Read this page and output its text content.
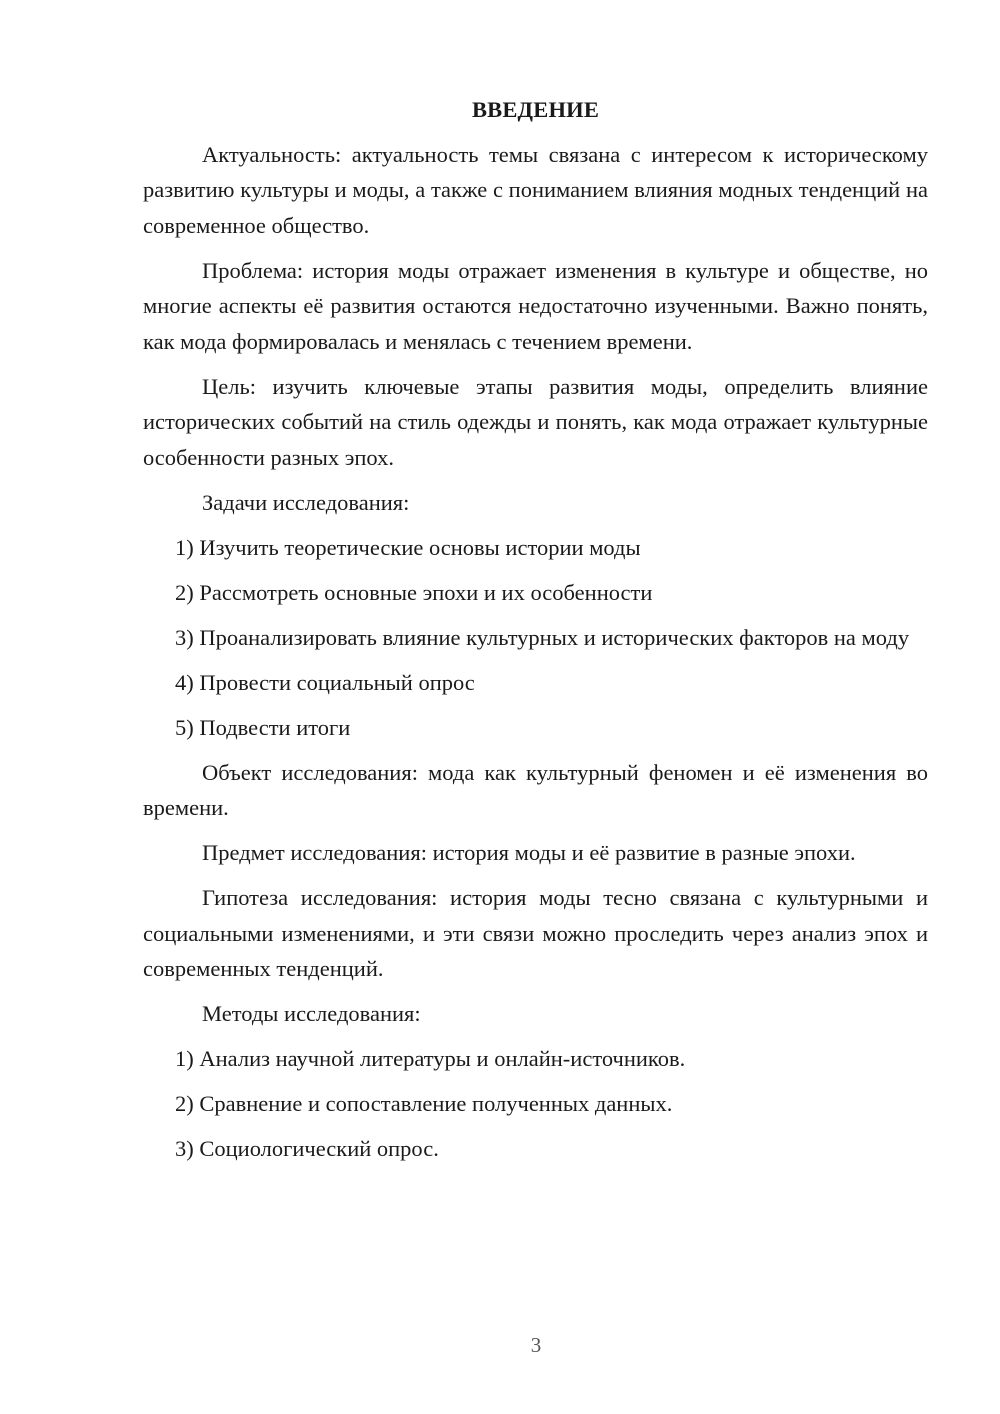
ВВЕДЕНИЕ

Актуальность: актуальность темы связана с интересом к историческому развитию культуры и моды, а также с пониманием влияния модных тенденций на современное общество.

Проблема: история моды отражает изменения в культуре и обществе, но многие аспекты её развития остаются недостаточно изученными. Важно понять, как мода формировалась и менялась с течением времени.

Цель: изучить ключевые этапы развития моды, определить влияние исторических событий на стиль одежды и понять, как мода отражает культурные особенности разных эпох.

Задачи исследования:

1) Изучить теоретические основы истории моды

2) Рассмотреть основные эпохи и их особенности

3) Проанализировать влияние культурных и исторических факторов на моду

4) Провести социальный опрос

5) Подвести итоги

Объект исследования: мода как культурный феномен и её изменения во времени.

Предмет исследования: история моды и её развитие в разные эпохи.

Гипотеза исследования: история моды тесно связана с культурными и социальными изменениями, и эти связи можно проследить через анализ эпох и современных тенденций.

Методы исследования:

1) Анализ научной литературы и онлайн-источников.

2) Сравнение и сопоставление полученных данных.

3) Социологический опрос.

3
